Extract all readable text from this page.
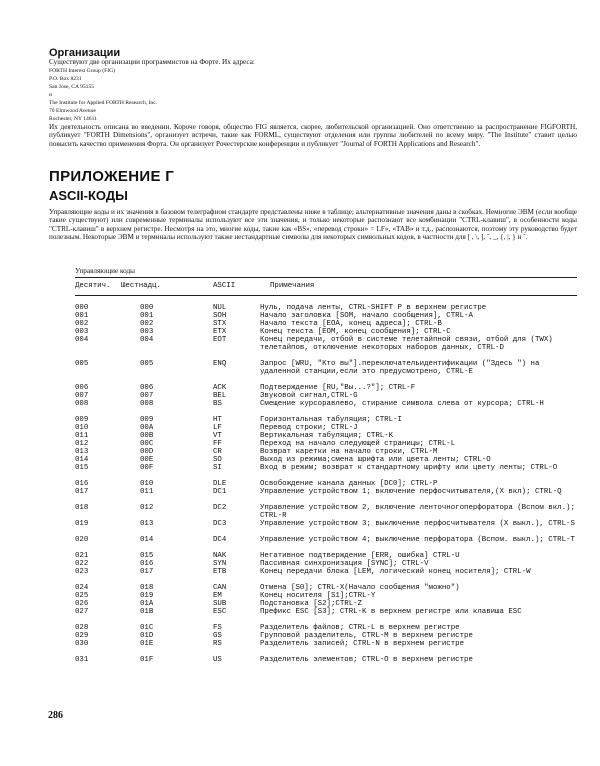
Организации
Существуют две организации программистов на Форте. Их адреса:
FORTH Interest Group (FIG)
P.O. Box 8231
San Jose, CA 95155
и
The Institute for Applied FORTH Research, Inc.
70 Elmwood Avenue
Rochester, NY 14611
Их деятельность описана во введении. Короче говоря, общество FIG является, скорее, любительской организацией. Оно ответственно за распространение FIGFORTH, публикует "FORTH Dimensions", организует встречи, такие как FORML, существуют отделения или группы любителей по всему миру. "The Institute" ставит целью повысить качество применения Форта. Он организует Рочестерские конференции и публикует "Journal of FORTH Applications and Research".
ПРИЛОЖЕНИЕ Г
ASCII-КОДЫ
Управляющие коды и их значения в базовом телеграфном стандарте представлены ниже в таблице; альтернативные значения даны в скобках. Немногие ЭВМ (если вообще такие существуют) или современные терминалы используют все эти значения, и только некоторые распознают все комбинации "CTRL-клавиш", в особенности коды "CTRL-клавиш" в верхнем регистре. Несмотря на это, многие коды, такие как «BS», «перевод строки» = LF», «TAB» и т.д., распознаются, поэтому эту руководство будет полезным. Некоторые ЭВМ и терминалы используют также нестандартные символы для некоторых символьных кодов, в частности для [ , \, ], ˆ, _, {, |, } и ˜.
Управляющие коды
Десятич. Шестнадц.	ASCII	Примечания
000	000	NUL	Нуль, подача ленты, CTRL-SHIFT P в верхнем регистре
001	001	SOH	Начало заголовка [SOM, начало сообщения], CTRL-A
002	002	STX	Начало текста [EOA, конец адреса]; CTRL-B
003	003	ETX	Конец текста [EOM, конец сообщения]; CTRL-C
004	004	EOT	Конец передачи, отбой в системе телетайпной связи, отбой для (TWX) телетайпов, отключение некоторых наборов данных, CTRL-D
005	005	ENQ	Запрос [WRU, "Кто вы"].переключательидентификации ("Здесь ") на удаленной станции,если это предусмотрено, CTRL-E
006	006	ACK	Подтверждение [RU,"Вы...?"]; CTRL-F
007	007	BEL	Звуковой сигнал,CTRL-G
008	008	BS	Смещение курсоравлево, стирание символа слева от курсора; CTRL-H
009	009	HT	Горизонтальная табуляция; CTRL-I
010	00A	LF	Перевод строки; CTRL-J
011	00B	VT	Вертикальная табуляция; CTRL-K
012	00C	FF	Переход на начало следующей страницы; CTRL-L
013	00D	CR	Возврат каретки на начало строки, CTRL-M
014	00E	SO	Выход из режима;смена шрифта или цвета ленты; CTRL-O
015	00F	SI	Вход в режим; возврат к стандартному шрифту или цвету ленты; CTRL-O
016	010	DLE	Освобождение канала данных [DC0]; CTRL-P
017	011	DC1	Управление устройством 1; включение перфосчитывателя,(X вкл); CTRL-Q
018	012	DC2	Управление устройством 2, включение ленточногоперфоратора (Вспом вкл.); CTRL-R
019	013	DC3	Управление устройством 3; выключение перфосчитывателя (X выкл.), CTRL-S
020	014	DC4	Управление устройством 4; выключение перфоратора (Вспом. выкл.); CTRL-T
021	015	NAK	Негативное подтверждение [ERR, ошибка] CTRL-U
022	016	SYN	Пассивная синхронизация [SYNC]; CTRL-V
023	017	ETB	Конец передачи блока [LEM, логический конец носителя]; CTRL-W
024	018	CAN	Отмена [S0]; CTRL-X(Начало сообщения "можно")
025	019	EM	Конец носителя [S1];CTRL-Y
026	01A	SUB	Подстановка [S2];CTRL-Z
027	01B	ESC	Префикс ESC [S3]; CTRL-K в верхнем регистре или клавиша ESC
028	01C	FS	Разделитель файлов; CTRL-L в верхнем регистре
029	01D	GS	Групповой разделитель, CTRL-M в верхнем регистре
030	01E	RS	Разделитель записей; CTRL-N в верхнем регистре
031	01F	US	Разделитель элементов; CTRL-O в верхнем регистре
286
